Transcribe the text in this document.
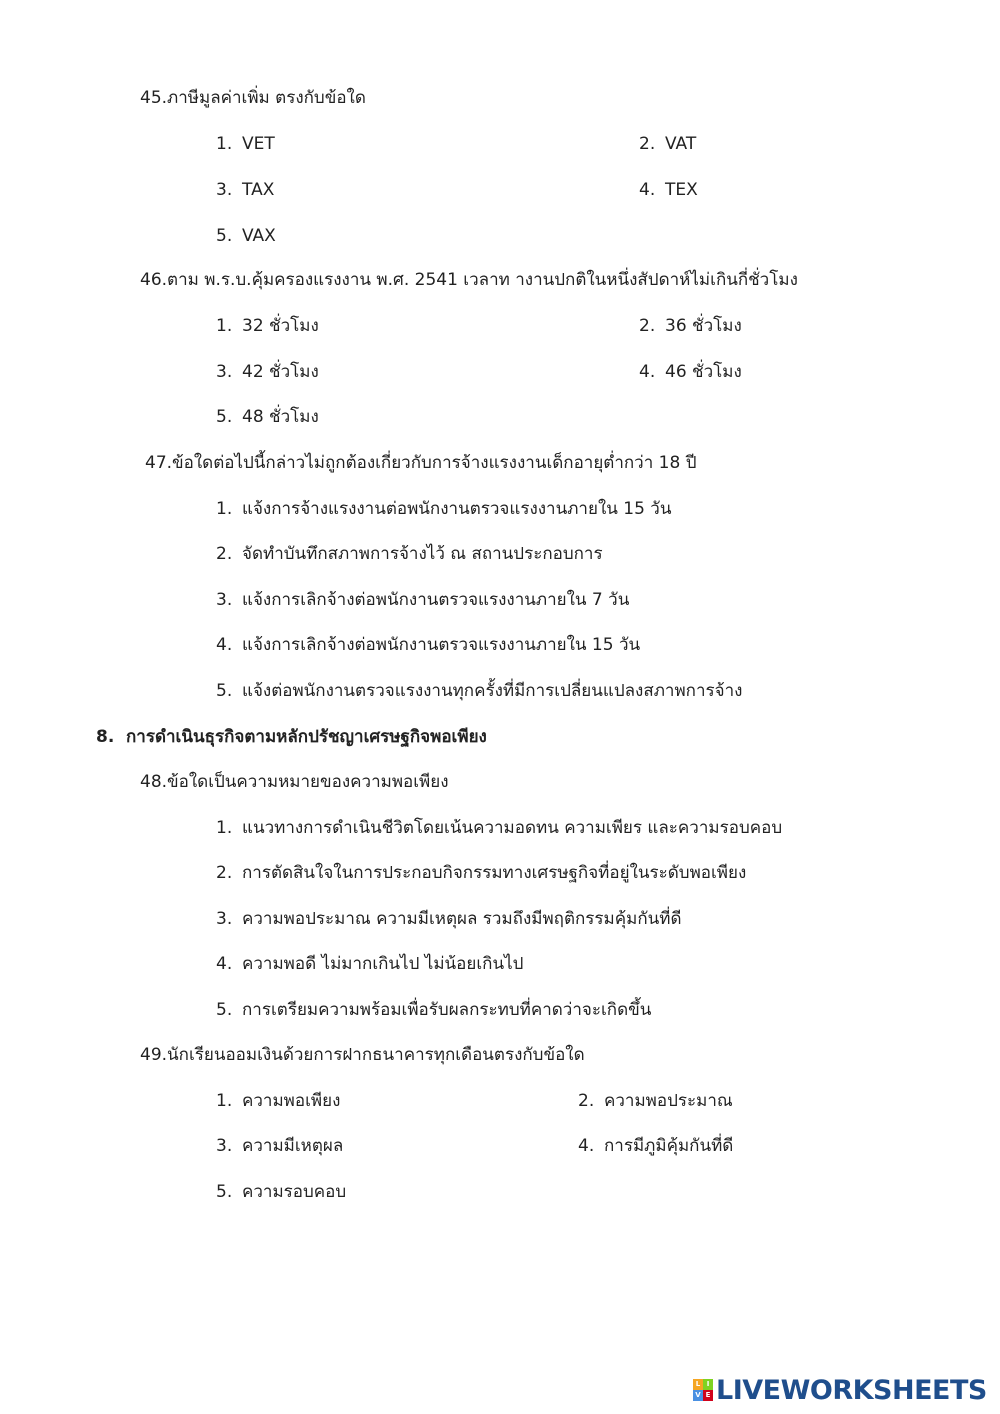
45.ภาษีมูลค่าเพิ่ม ตรงกับข้อใด
1. VET	2. VAT
3. TAX	4. TEX
5. VAX
46.ตาม พ.ร.บ.คุ้มครองแรงงาน พ.ศ. 2541 เวลาท างานปกติในหนึ่งสัปดาห์ไม่เกินกี่ชั่วโมง
1. 32 ชั่วโมง	2. 36 ชั่วโมง
3. 42 ชั่วโมง	4. 46 ชั่วโมง
5. 48 ชั่วโมง
47.ข้อใดต่อไปนี้กล่าวไม่ถูกต้องเกี่ยวกับการจ้างแรงงานเด็กอายุต่ำกว่า 18 ปี
1. แจ้งการจ้างแรงงานต่อพนักงานตรวจแรงงานภายใน 15 วัน
2. จัดทำบันทึกสภาพการจ้างไว้ ณ สถานประกอบการ
3. แจ้งการเลิกจ้างต่อพนักงานตรวจแรงงานภายใน 7 วัน
4. แจ้งการเลิกจ้างต่อพนักงานตรวจแรงงานภายใน 15 วัน
5. แจ้งต่อพนักงานตรวจแรงงานทุกครั้งที่มีการเปลี่ยนแปลงสภาพการจ้าง
8. การดำเนินธุรกิจตามหลักปรัชญาเศรษฐกิจพอเพียง
48.ข้อใดเป็นความหมายของความพอเพียง
1. แนวทางการดำเนินชีวิตโดยเน้นความอดทน ความเพียร และความรอบคอบ
2. การตัดสินใจในการประกอบกิจกรรมทางเศรษฐกิจที่อยู่ในระดับพอเพียง
3. ความพอประมาณ ความมีเหตุผล รวมถึงมีพฤติกรรมคุ้มกันที่ดี
4. ความพอดี ไม่มากเกินไป ไม่น้อยเกินไป
5. การเตรียมความพร้อมเพื่อรับผลกระทบที่คาดว่าจะเกิดขึ้น
49.นักเรียนออมเงินด้วยการฝากธนาคารทุกเดือนตรงกับข้อใด
1. ความพอเพียง	2. ความพอประมาณ
3. ความมีเหตุผล	4. การมีภูมิคุ้มกันที่ดี
5. ความรอบคอบ
L I
V E LIVEWORKSHEETS
